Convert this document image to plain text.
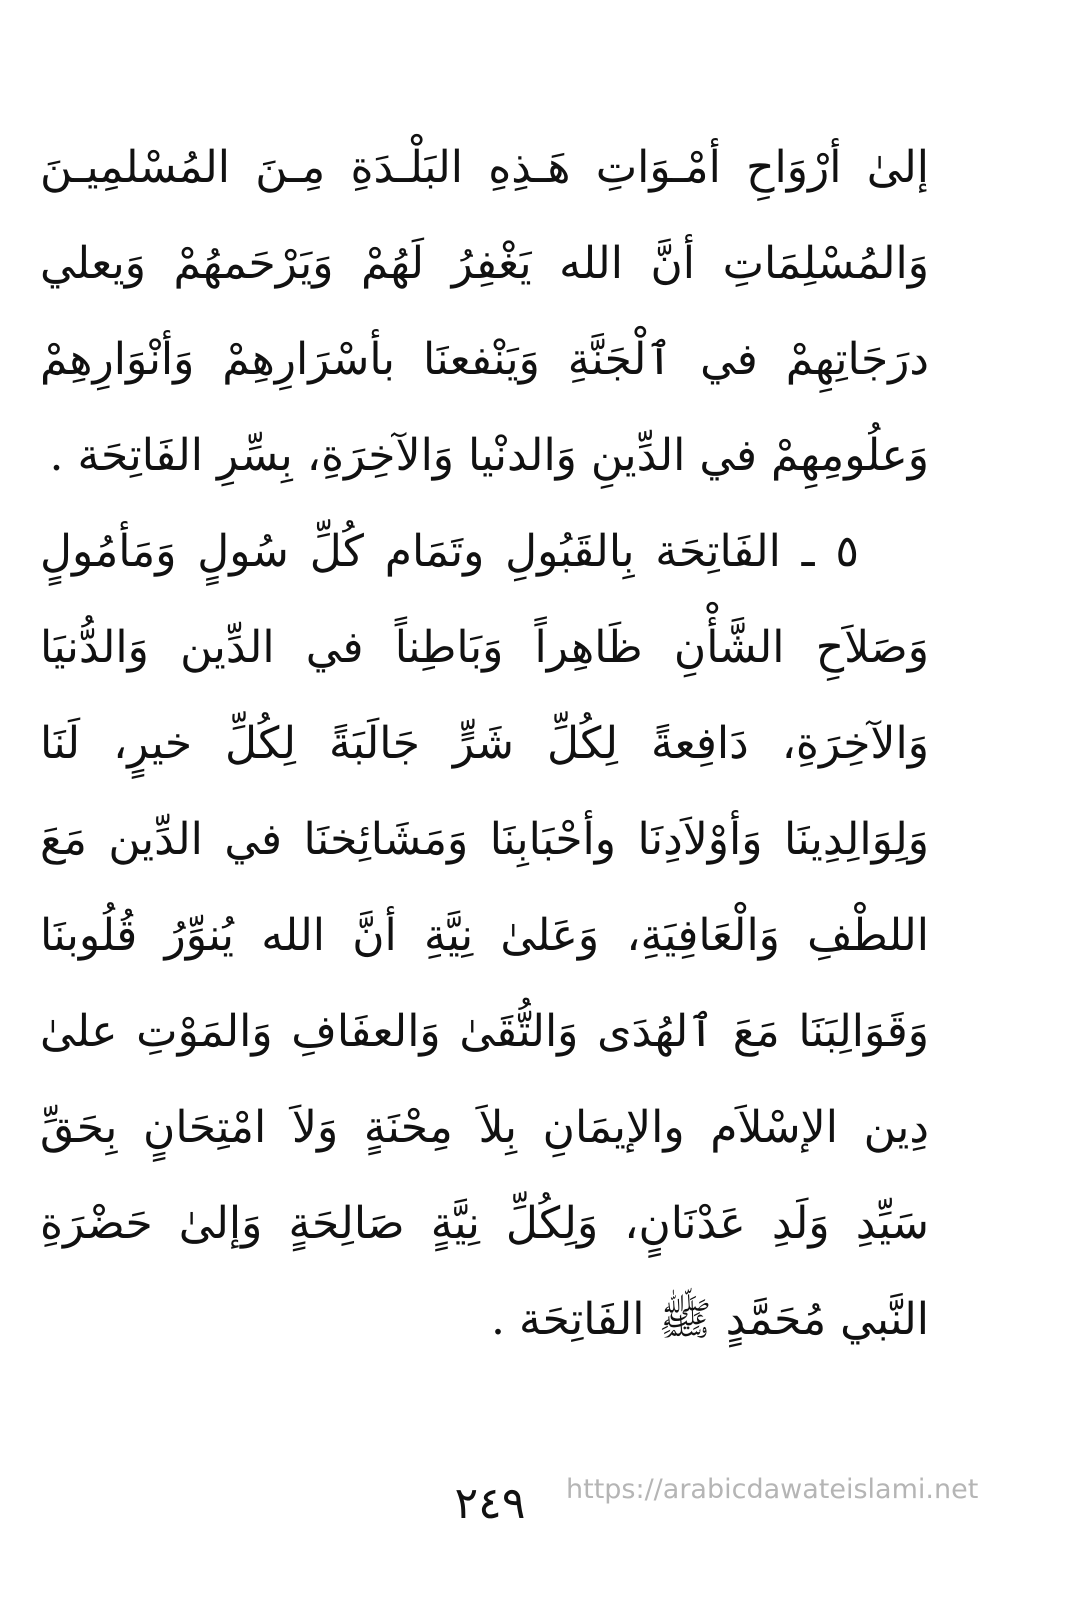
إلىٰ أرْوَاحِ أمْـوَاتِ هَـذِهِ البَلْـدَةِ مِـنَ المُسْلمِيـنَ
وَالمُسْلِمَاتِ أنَّ الله يَغْفِرُ لَهُمْ وَيَرْحَمهُمْ وَيعلي
درَجَاتِهِمْ في ٱلْجَنَّةِ وَيَنْفعنَا بأسْرَارِهِمْ وَأنْوَارِهِمْ
وَعلُومِهِمْ في الدِّينِ وَالدنْيا وَالآخِرَةِ، بِسِّرِ الفَاتِحَة .
٥ ـ الفَاتِحَة بِالقَبُولِ وتَمَام كُلِّ سُولٍ وَمَأمُولٍ
وَصَلاَحِ الشَّأْنِ ظَاهِراً وَبَاطِناً في الدِّين وَالدُّنيَا
وَالآخِرَةِ، دَافِعةً لِكُلِّ شَرٍّ جَالَبَةً لِكُلِّ خيرٍ، لَنَا
وَلِوَالِدِينَا وَأوْلاَدِنَا وأحْبَابِنَا وَمَشَائِخنَا في الدِّين مَعَ
اللطْفِ وَالْعَافِيَةِ، وَعَلىٰ نِيَّةِ أنَّ الله يُنوِّرُ قُلُوبنَا
وَقَوَالِبَنَا مَعَ ٱلهُدَى وَالتُّقَىٰ وَالعفَافِ وَالمَوْتِ علىٰ
دِين الإسْلاَم والإيمَانِ بِلاَ مِحْنَةٍ وَلاَ امْتِحَانٍ بِحَقِّ
سَيِّدِ وَلَدِ عَدْنَانٍ، وَلِكُلِّ نِيَّةٍ صَالِحَةٍ وَإلىٰ حَضْرَةِ
النَّبي مُحَمَّدٍ ﷺ الفَاتِحَة .
٢٤٩	https://arabicdawateislami.net
